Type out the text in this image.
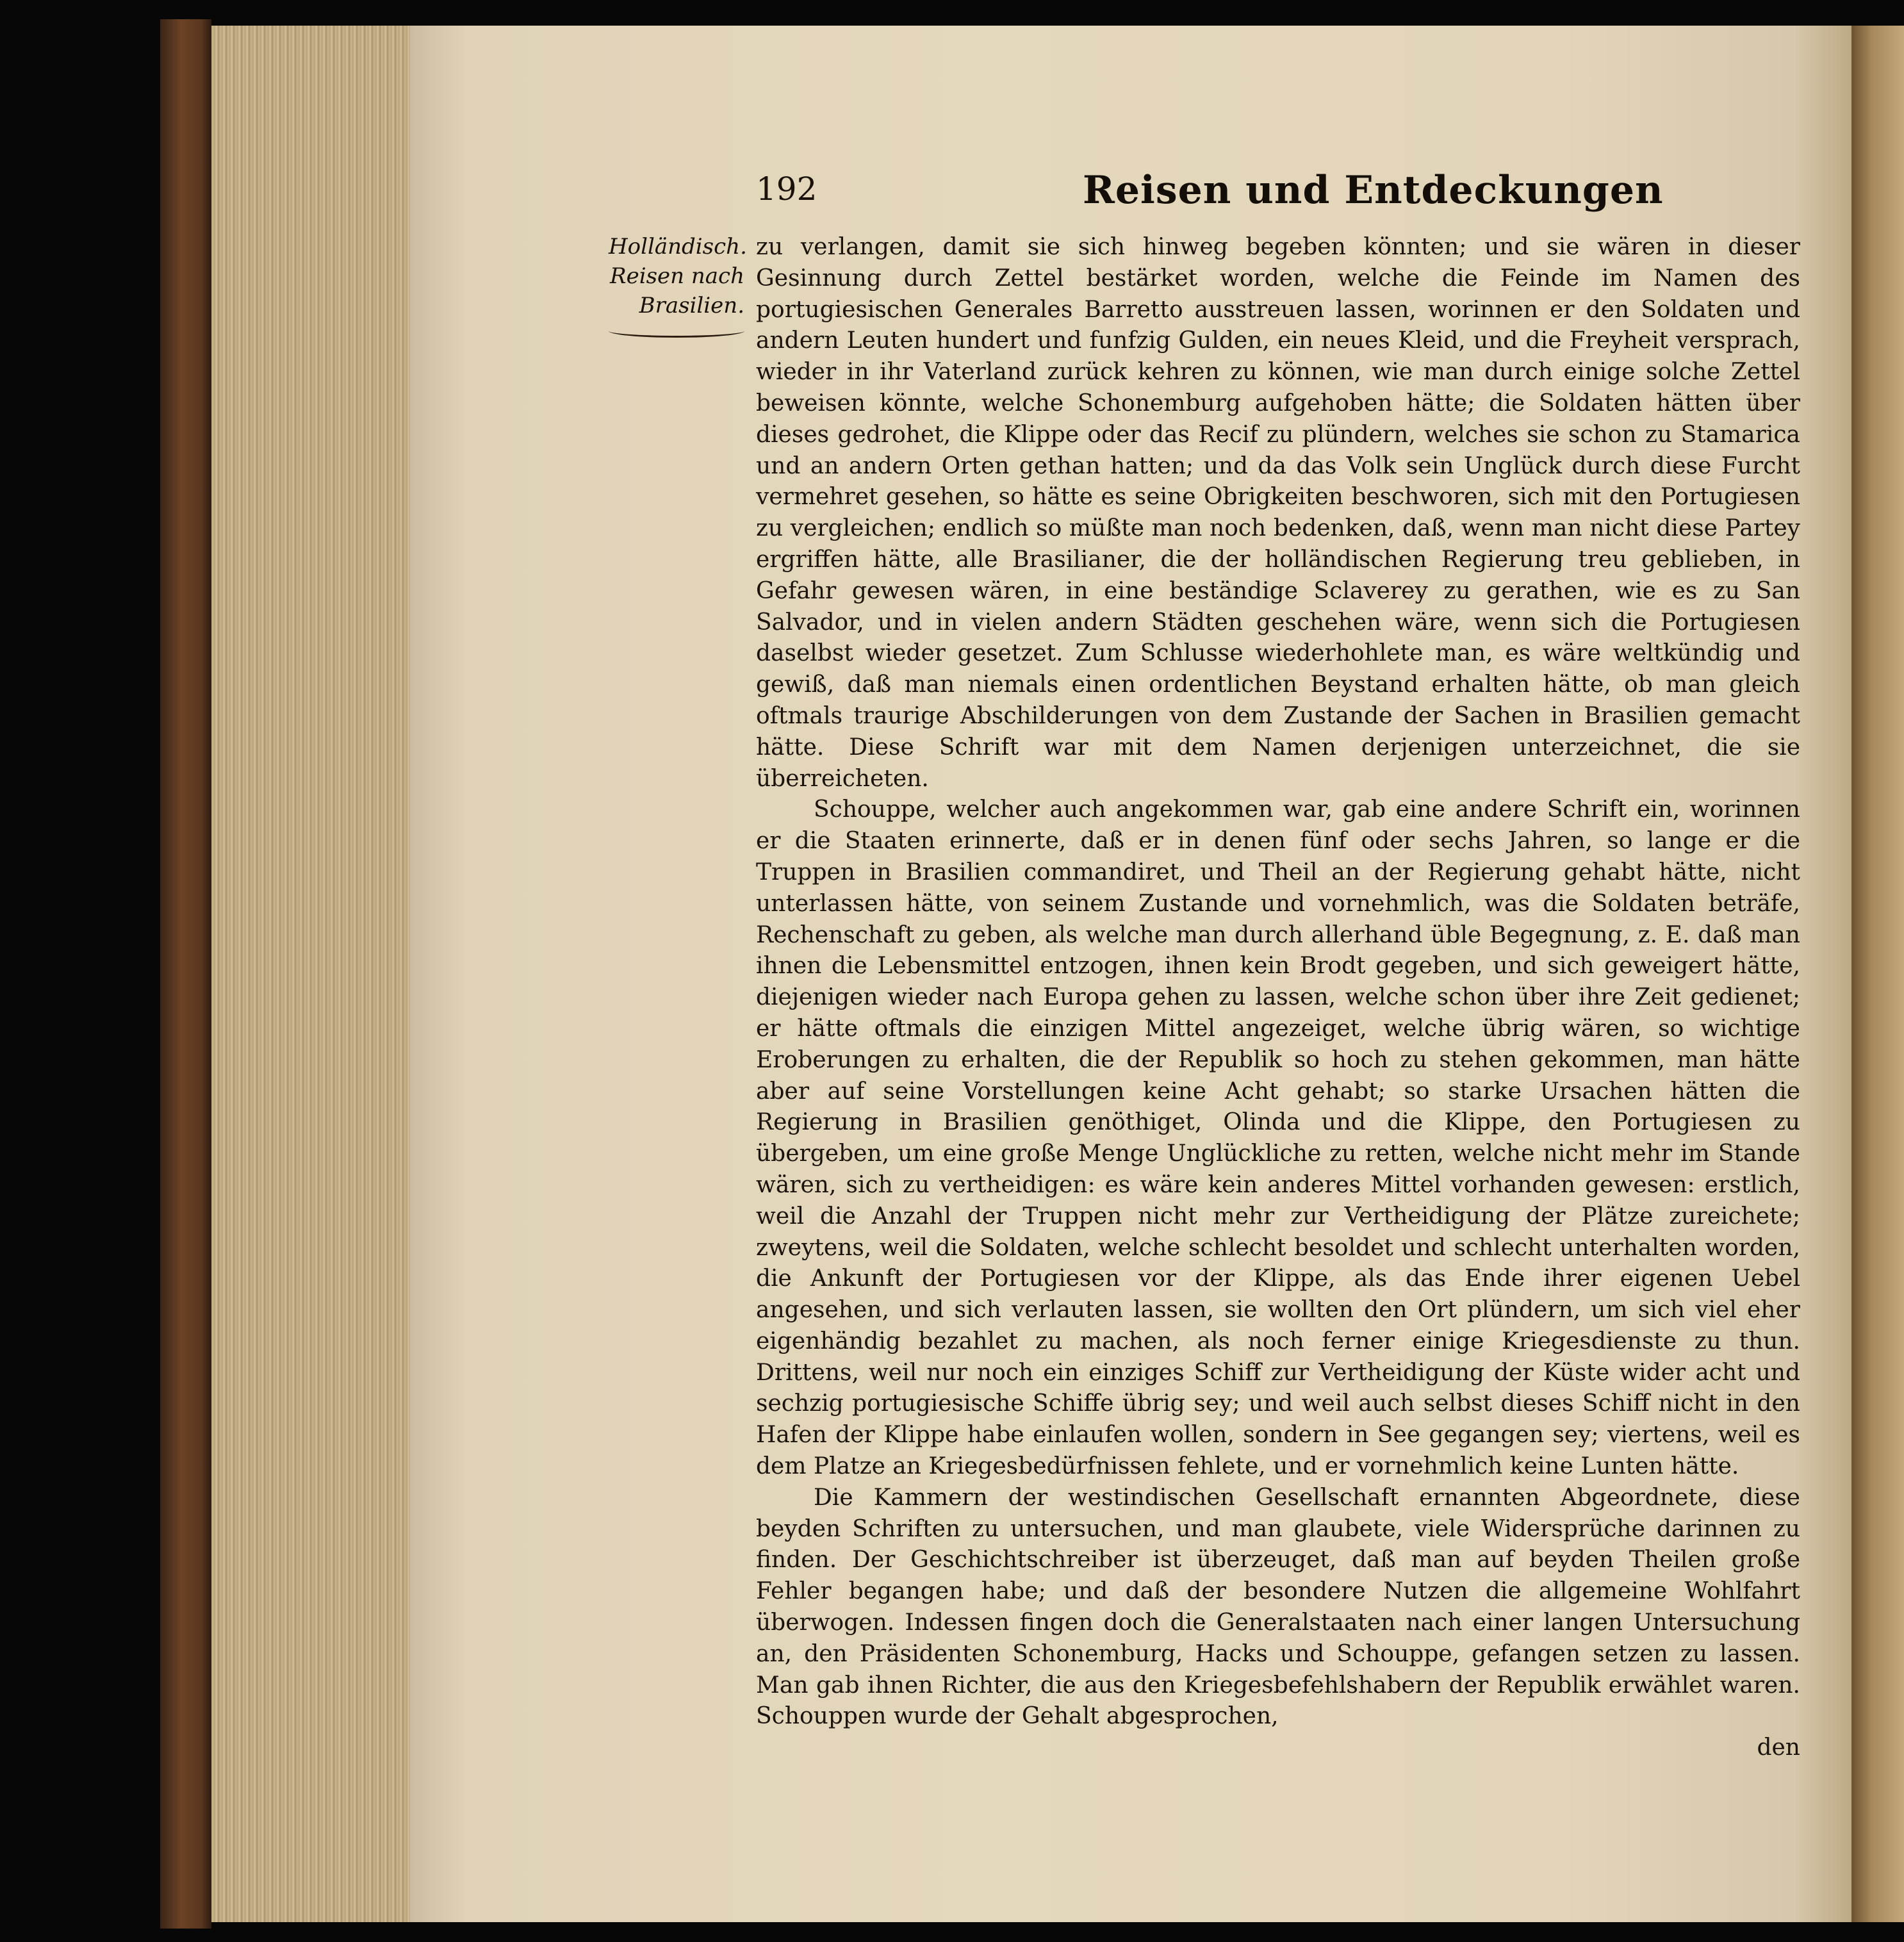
192	Reisen und Entdeckungen
Holländisch.
Reisen nach
Brasilien.

zu verlangen, damit sie sich hinweg begeben könnten; und sie wären in dieser Gesinnung durch Zettel bestärket worden, welche die Feinde im Namen des portugiesischen Generales Barretto ausstreuen lassen, worinnen er den Soldaten und andern Leuten hundert und funfzig Gulden, ein neues Kleid, und die Freyheit versprach, wieder in ihr Vaterland zurück kehren zu können, wie man durch einige solche Zettel beweisen könnte, welche Schonemburg aufgehoben hätte; die Soldaten hätten über dieses gedrohet, die Klippe oder das Recif zu plündern, welches sie schon zu Stamarica und an andern Orten gethan hatten; und da das Volk sein Unglück durch diese Furcht vermehret gesehen, so hätte es seine Obrigkeiten beschworen, sich mit den Portugiesen zu vergleichen; endlich so müßte man noch bedenken, daß, wenn man nicht diese Partey ergriffen hätte, alle Brasilianer, die der holländischen Regierung treu geblieben, in Gefahr gewesen wären, in eine beständige Sclaverey zu gerathen, wie es zu San Salvador, und in vielen andern Städten geschehen wäre, wenn sich die Portugiesen daselbst wieder gesetzet. Zum Schlusse wiederhohlete man, es wäre weltkündig und gewiß, daß man niemals einen ordentlichen Beystand erhalten hätte, ob man gleich oftmals traurige Abschilderungen von dem Zustande der Sachen in Brasilien gemacht hätte. Diese Schrift war mit dem Namen derjenigen unterzeichnet, die sie überreicheten.

Schouppe, welcher auch angekommen war, gab eine andere Schrift ein, worinnen er die Staaten erinnerte, daß er in denen fünf oder sechs Jahren, so lange er die Truppen in Brasilien commandiret, und Theil an der Regierung gehabt hätte, nicht unterlassen hätte, von seinem Zustande und vornehmlich, was die Soldaten beträfe, Rechenschaft zu geben, als welche man durch allerhand üble Begegnung, z. E. daß man ihnen die Lebensmittel entzogen, ihnen kein Brodt gegeben, und sich geweigert hätte, diejenigen wieder nach Europa gehen zu lassen, welche schon über ihre Zeit gedienet; er hätte oftmals die einzigen Mittel angezeiget, welche übrig wären, so wichtige Eroberungen zu erhalten, die der Republik so hoch zu stehen gekommen, man hätte aber auf seine Vorstellungen keine Acht gehabt; so starke Ursachen hätten die Regierung in Brasilien genöthiget, Olinda und die Klippe, den Portugiesen zu übergeben, um eine große Menge Unglückliche zu retten, welche nicht mehr im Stande wären, sich zu vertheidigen: es wäre kein anderes Mittel vorhanden gewesen: erstlich, weil die Anzahl der Truppen nicht mehr zur Vertheidigung der Plätze zureichete; zweytens, weil die Soldaten, welche schlecht besoldet und schlecht unterhalten worden, die Ankunft der Portugiesen vor der Klippe, als das Ende ihrer eigenen Uebel angesehen, und sich verlauten lassen, sie wollten den Ort plündern, um sich viel eher eigenhändig bezahlet zu machen, als noch ferner einige Kriegesdienste zu thun. Drittens, weil nur noch ein einziges Schiff zur Vertheidigung der Küste wider acht und sechzig portugiesische Schiffe übrig sey; und weil auch selbst dieses Schiff nicht in den Hafen der Klippe habe einlaufen wollen, sondern in See gegangen sey; viertens, weil es dem Platze an Kriegesbedürfnissen fehlete, und er vornehmlich keine Lunten hätte.

Die Kammern der westindischen Gesellschaft ernannten Abgeordnete, diese beyden Schriften zu untersuchen, und man glaubete, viele Widersprüche darinnen zu finden. Der Geschichtschreiber ist überzeuget, daß man auf beyden Theilen große Fehler begangen habe; und daß der besondere Nutzen die allgemeine Wohlfahrt überwogen. Indessen fingen doch die Generalstaaten nach einer langen Untersuchung an, den Präsidenten Schonemburg, Hacks und Schouppe, gefangen setzen zu lassen. Man gab ihnen Richter, die aus den Kriegesbefehlshabern der Republik erwählet waren. Schouppen wurde der Gehalt abgesprochen,

den
